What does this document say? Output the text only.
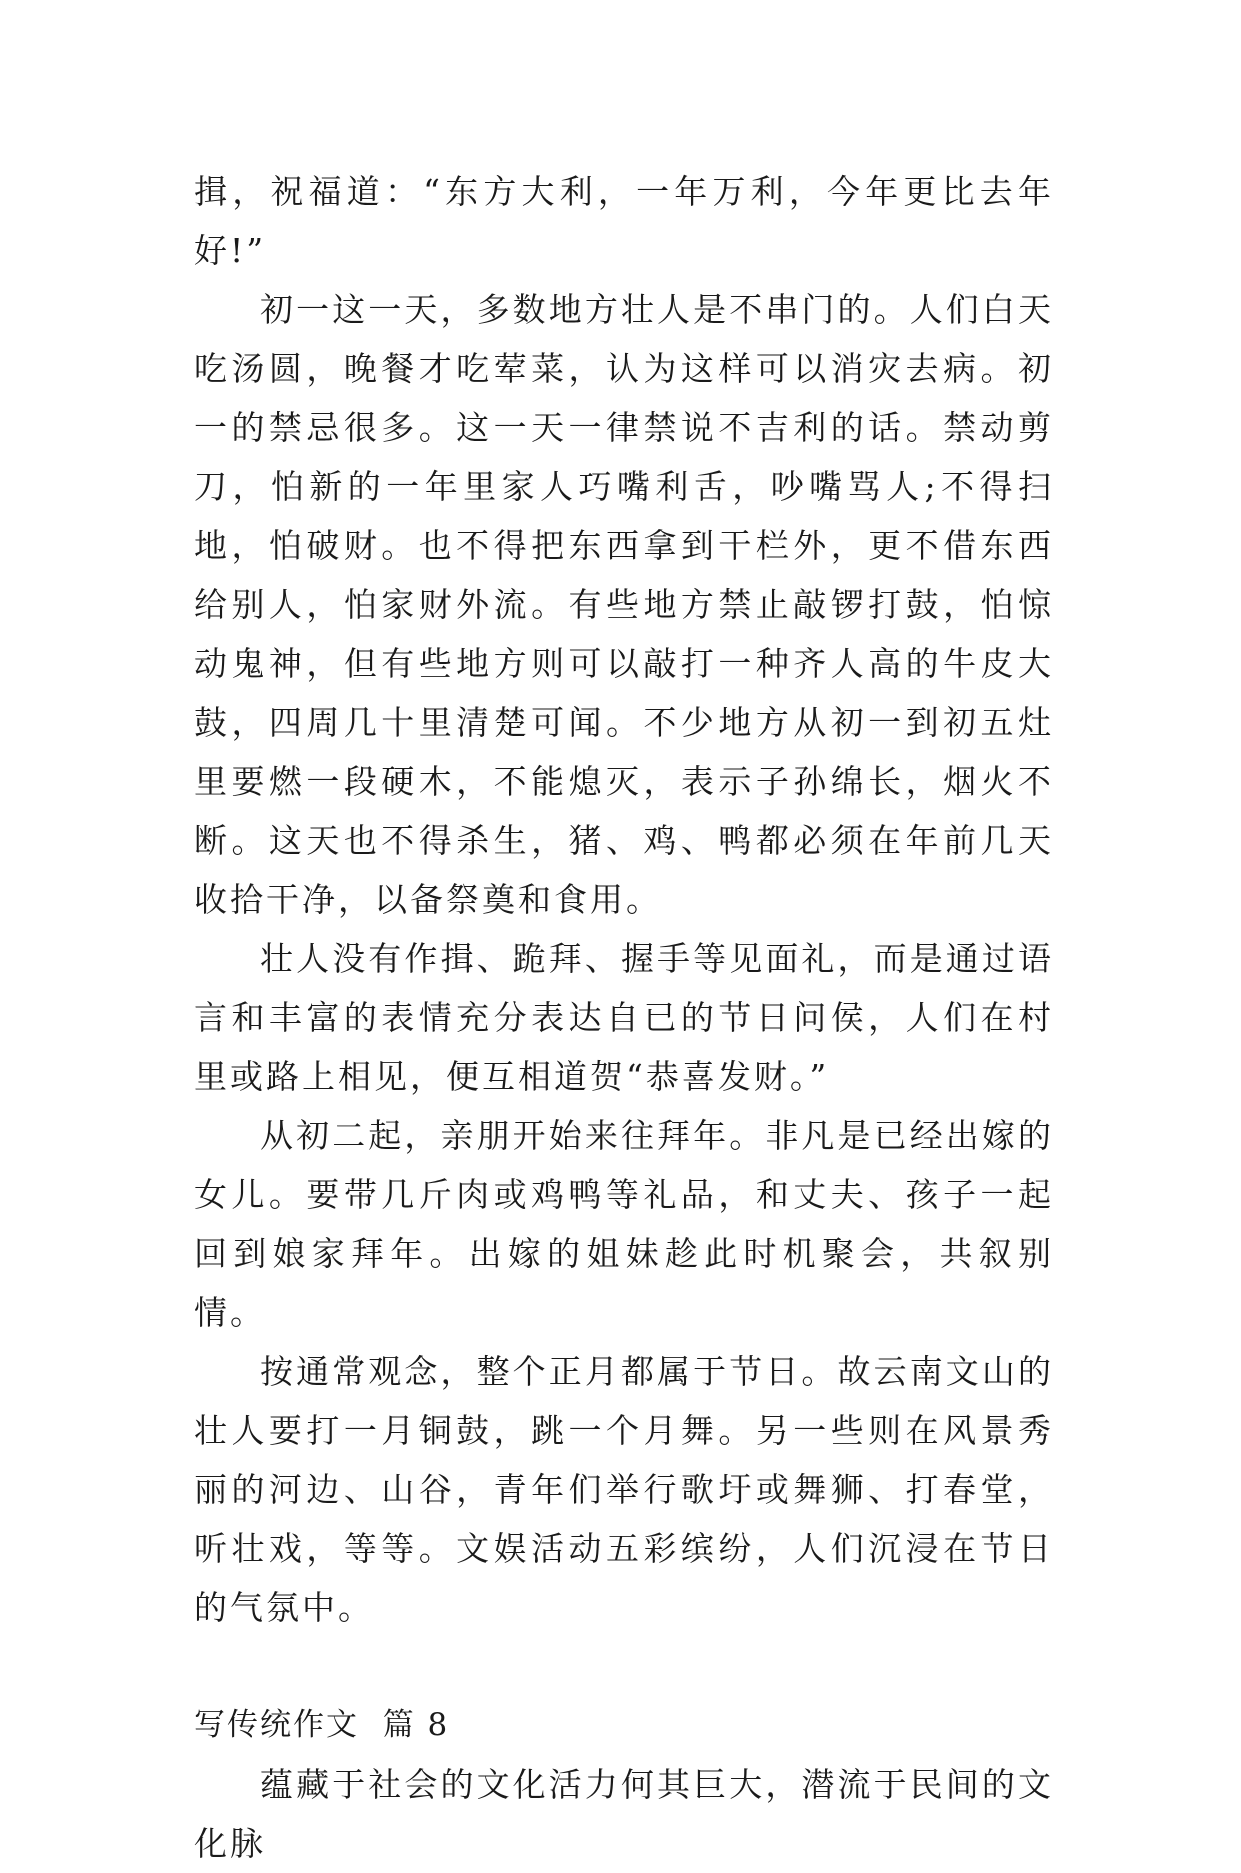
揖，祝福道：“东方大利，一年万利，今年更比去年好!”

初一这一天，多数地方壮人是不串门的。人们白天吃汤圆，晚餐才吃荤菜，认为这样可以消灾去病。初一的禁忌很多。这一天一律禁说不吉利的话。禁动剪刀，怕新的一年里家人巧嘴利舌，吵嘴骂人;不得扫地，怕破财。也不得把东西拿到干栏外，更不借东西给别人，怕家财外流。有些地方禁止敲锣打鼓，怕惊动鬼神，但有些地方则可以敲打一种齐人高的牛皮大鼓，四周几十里清楚可闻。不少地方从初一到初五灶里要燃一段硬木，不能熄灭，表示子孙绵长，烟火不断。这天也不得杀生，猪、鸡、鸭都必须在年前几天收拾干净，以备祭奠和食用。

壮人没有作揖、跪拜、握手等见面礼，而是通过语言和丰富的表情充分表达自已的节日问侯，人们在村里或路上相见，便互相道贺“恭喜发财。”

从初二起，亲朋开始来往拜年。非凡是已经出嫁的女儿。要带几斤肉或鸡鸭等礼品，和丈夫、孩子一起回到娘家拜年。出嫁的姐妹趁此时机聚会，共叙别情。

按通常观念，整个正月都属于节日。故云南文山的壮人要打一月铜鼓，跳一个月舞。另一些则在风景秀丽的河边、山谷，青年们举行歌圩或舞狮、打春堂，听壮戏，等等。文娱活动五彩缤纷，人们沉浸在节日的气氛中。

写传统作文  篇 8

蕴藏于社会的文化活力何其巨大，潜流于民间的文化脉
